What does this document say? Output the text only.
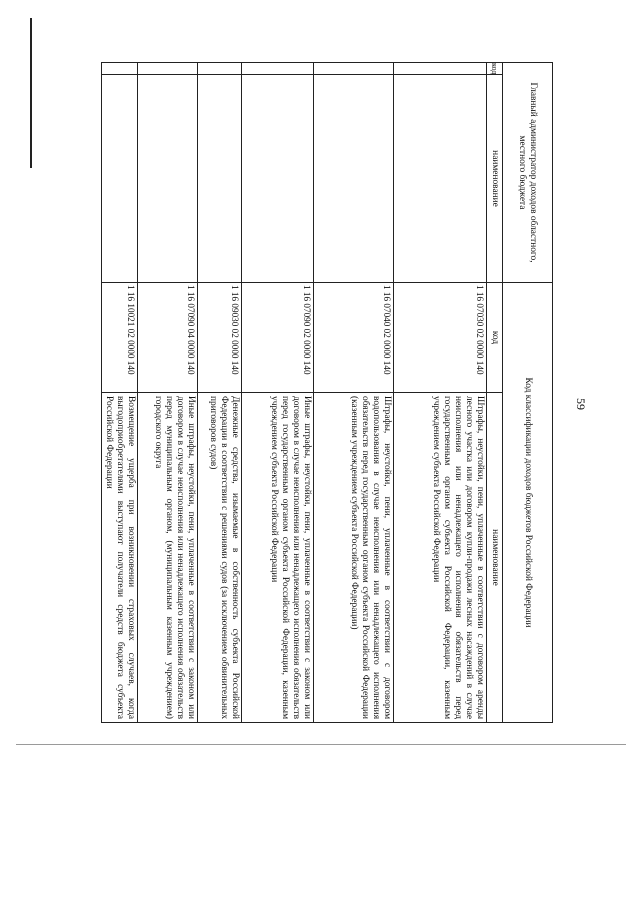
59
Главный администратор доходов областного, местного бюджета		Код классификации доходов бюджетов Российской Федерации	
код	наименование	код	наименование
		1 16 07030 02 0000 140	Штрафы, неустойки, пени, уплаченные в соответствии с договором аренды лесного участка или договором купли-продажи лесных насаждений в случае неисполнения или ненадлежащего исполнения обязательств перед государственным органом субъекта Российской Федерации, казенным учреждением субъекта Российской Федерации
		1 16 07040 02 0000 140	Штрафы, неустойки, пени, уплаченные в соответствии с договором водопользования в случае неисполнения или ненадлежащего исполнения обязательств перед государственным органом субъекта Российской Федерации (казенным учреждением субъекта Российской Федерации)
		1 16 07090 02 0000 140	Иные штрафы, неустойки, пени, уплаченные в соответствии с законом или договором в случае неисполнения или ненадлежащего исполнения обязательств перед государственным органом субъекта Российской Федерации, казенным учреждением субъекта Российской Федерации
		1 16 09030 02 0000 140	Денежные средства, изымаемые в собственность субъекта Российской Федерации в соответствии с решениями судов (за исключением обвинительных приговоров судов)
		1 16 07090 04 0000 140	Иные штрафы, неустойки, пени, уплаченные в соответствии с законом или договором в случае неисполнения или ненадлежащего исполнения обязательств перед муниципальным органом, (муниципальным казенным учреждением) городского округа
		1 16 10021 02 0000 140	Возмещение ущерба при возникновении страховых случаев, когда выгодоприобретателями выступают получатели средств бюджета субъекта Российской Федерации
